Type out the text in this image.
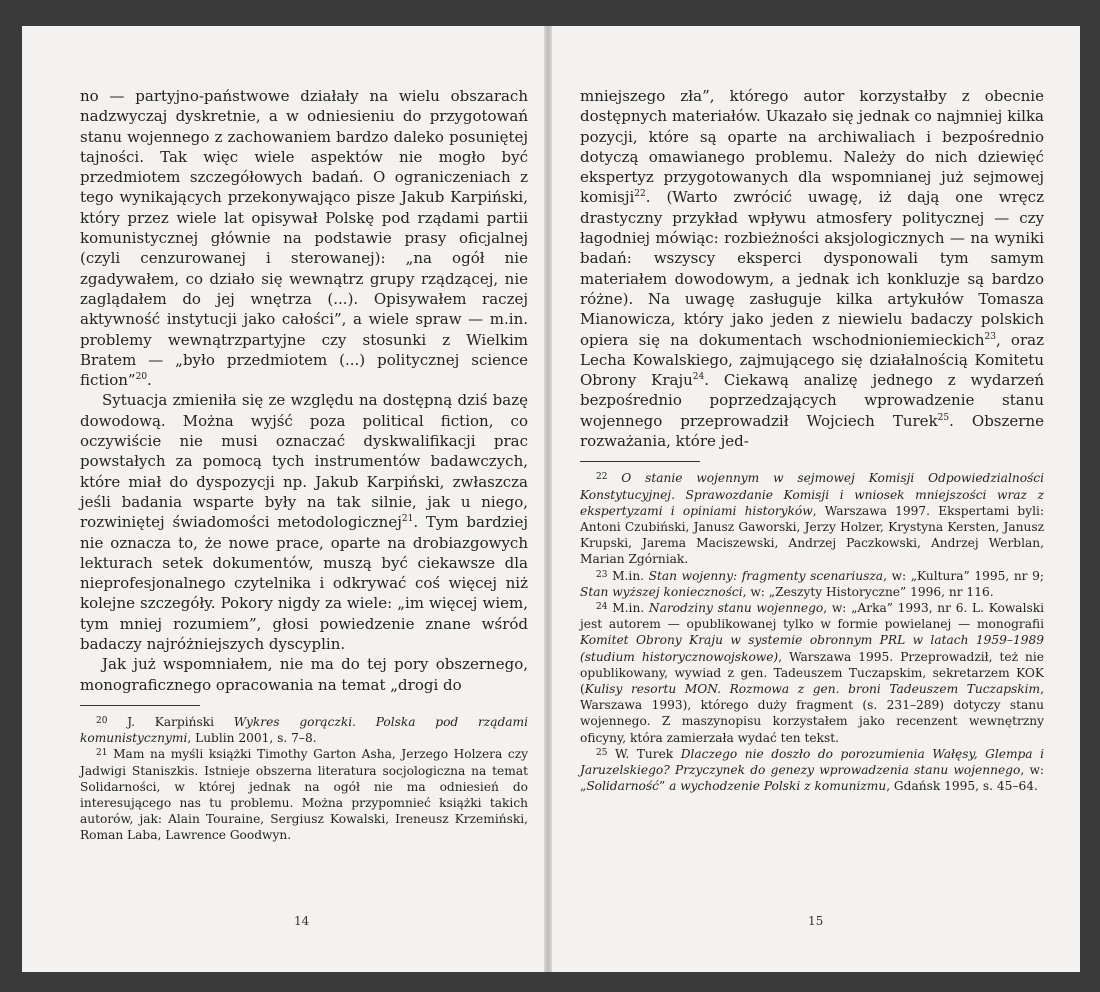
no — partyjno-państwowe działały na wielu obszarach nadzwyczaj dyskretnie, a w odniesieniu do przygotowań stanu wojennego z zachowaniem bardzo daleko posuniętej tajności. Tak więc wiele aspektów nie mogło być przedmiotem szczegółowych badań. O ograniczeniach z tego wynikających przekonywająco pisze Jakub Karpiński, który przez wiele lat opisywał Polskę pod rządami partii komunistycznej głównie na podstawie prasy oficjalnej (czyli cenzurowanej i sterowanej): „na ogół nie zgadywałem, co działo się wewnątrz grupy rządzącej, nie zaglądałem do jej wnętrza (...). Opisywałem raczej aktywność instytucji jako całości”, a wiele spraw — m.in. problemy wewnątrzpartyjne czy stosunki z Wielkim Bratem — „było przedmiotem (...) politycznej science fiction”$^{20}$.

Sytuacja zmieniła się ze względu na dostępną dziś bazę dowodową. Można wyjść poza political fiction, co oczywiście nie musi oznaczać dyskwalifikacji prac powstałych za pomocą tych instrumentów badawczych, które miał do dyspozycji np. Jakub Karpiński, zwłaszcza jeśli badania wsparte były na tak silnie, jak u niego, rozwiniętej świadomości metodologicznej$^{21}$. Tym bardziej nie oznacza to, że nowe prace, oparte na drobiazgowych lekturach setek dokumentów, muszą być ciekawsze dla nieprofesjonalnego czytelnika i odkrywać coś więcej niż kolejne szczegóły. Pokory nigdy za wiele: „im więcej wiem, tym mniej rozumiem”, głosi powiedzenie znane wśród badaczy najróżniejszych dyscyplin.

Jak już wspomniałem, nie ma do tej pory obszernego, monograficznego opracowania na temat „drogi do

$^{20}$ J. Karpiński Wykres gorączki. Polska pod rządami komunistycznymi, Lublin 2001, s. 7–8.

$^{21}$ Mam na myśli książki Timothy Garton Asha, Jerzego Holzera czy Jadwigi Staniszkis. Istnieje obszerna literatura socjologiczna na temat Solidarności, w której jednak na ogół nie ma odniesień do interesującego nas tu problemu. Można przypomnieć książki takich autorów, jak: Alain Touraine, Sergiusz Kowalski, Ireneusz Krzemiński, Roman Laba, Lawrence Goodwyn.

14

mniejszego zła”, którego autor korzystałby z obecnie dostępnych materiałów. Ukazało się jednak co najmniej kilka pozycji, które są oparte na archiwaliach i bezpośrednio dotyczą omawianego problemu. Należy do nich dziewięć ekspertyz przygotowanych dla wspomnianej już sejmowej komisji$^{22}$. (Warto zwrócić uwagę, iż dają one wręcz drastyczny przykład wpływu atmosfery politycznej — czy łagodniej mówiąc: rozbieżności aksjologicznych — na wyniki badań: wszyscy eksperci dysponowali tym samym materiałem dowodowym, a jednak ich konkluzje są bardzo różne). Na uwagę zasługuje kilka artykułów Tomasza Mianowicza, który jako jeden z niewielu badaczy polskich opiera się na dokumentach wschodnioniemieckich$^{23}$, oraz Lecha Kowalskiego, zajmującego się działalnością Komitetu Obrony Kraju$^{24}$. Ciekawą analizę jednego z wydarzeń bezpośrednio poprzedzających wprowadzenie stanu wojennego przeprowadził Wojciech Turek$^{25}$. Obszerne rozważania, które jed-

$^{22}$ O stanie wojennym w sejmowej Komisji Odpowiedzialności Konstytucyjnej. Sprawozdanie Komisji i wniosek mniejszości wraz z ekspertyzami i opiniami historyków, Warszawa 1997. Ekspertami byli: Antoni Czubiński, Janusz Gaworski, Jerzy Holzer, Krystyna Kersten, Janusz Krupski, Jarema Maciszewski, Andrzej Paczkowski, Andrzej Werblan, Marian Zgórniak.

$^{23}$ M.in. Stan wojenny: fragmenty scenariusza, w: „Kultura” 1995, nr 9; Stan wyższej konieczności, w: „Zeszyty Historyczne” 1996, nr 116.

$^{24}$ M.in. Narodziny stanu wojennego, w: „Arka” 1993, nr 6. L. Kowalski jest autorem — opublikowanej tylko w formie powielanej — monografii Komitet Obrony Kraju w systemie obronnym PRL w latach 1959–1989 (studium historycznowojskowe), Warszawa 1995. Przeprowadził, też nie opublikowany, wywiad z gen. Tadeuszem Tuczapskim, sekretarzem KOK (Kulisy resortu MON. Rozmowa z gen. broni Tadeuszem Tuczapskim, Warszawa 1993), którego duży fragment (s. 231–289) dotyczy stanu wojennego. Z maszynopisu korzystałem jako recenzent wewnętrzny oficyny, która zamierzała wydać ten tekst.

$^{25}$ W. Turek Dlaczego nie doszło do porozumienia Wałęsy, Glempa i Jaruzelskiego? Przyczynek do genezy wprowadzenia stanu wojennego, w: „Solidarność” a wychodzenie Polski z komunizmu, Gdańsk 1995, s. 45–64.

15
